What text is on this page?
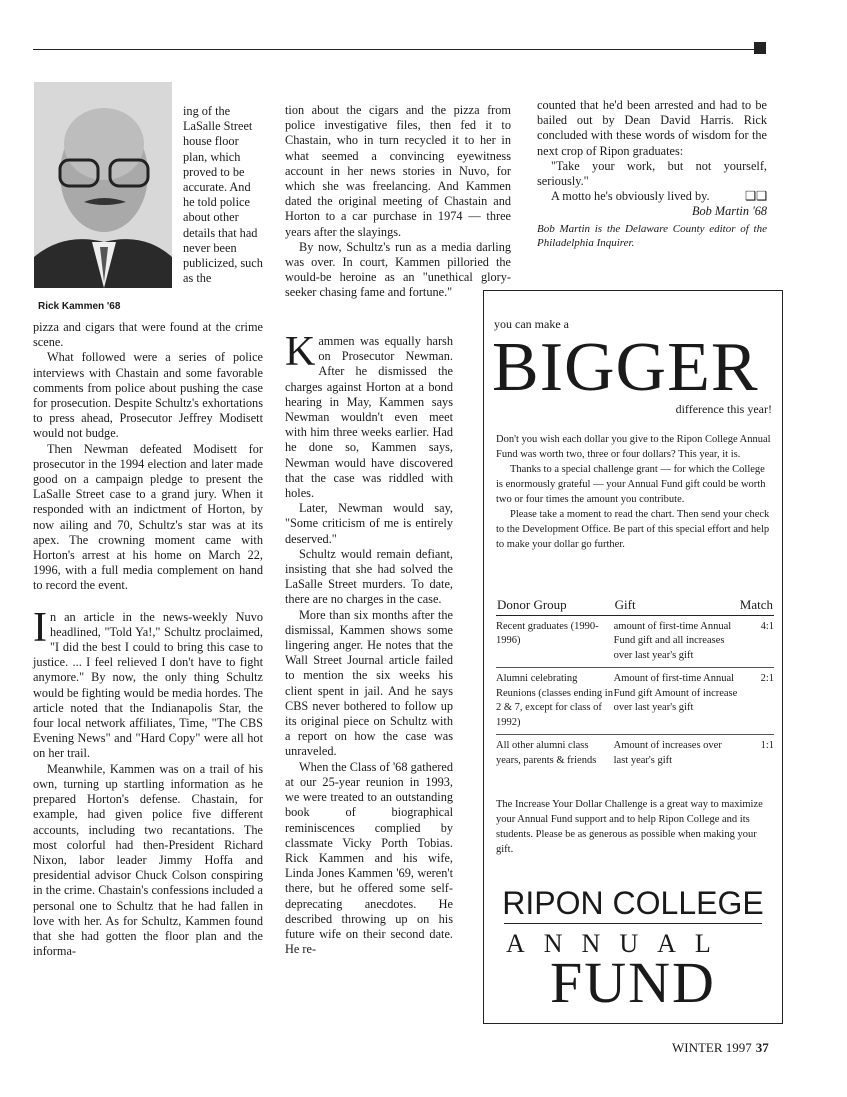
Rick Kammen '68
ing of the LaSalle Street house floor plan, which proved to be accurate. And he told police about other details that had never been publicized, such as the

pizza and cigars that were found at the crime scene.

What followed were a series of police interviews with Chastain and some favorable comments from police about pushing the case for prosecution. Despite Schultz's exhortations to press ahead, Prosecutor Jeffrey Modisett would not budge.

Then Newman defeated Modisett for prosecutor in the 1994 election and later made good on a campaign pledge to present the LaSalle Street case to a grand jury. When it responded with an indictment of Horton, by now ailing and 70, Schultz's star was at its apex. The crowning moment came with Horton's arrest at his home on March 22, 1996, with a full media complement on hand to record the event.

In an article in the news-weekly Nuvo headlined, "Told Ya!," Schultz proclaimed, "I did the best I could to bring this case to justice. ... I feel relieved I don't have to fight anymore." By now, the only thing Schultz would be fighting would be media hordes. The article noted that the Indianapolis Star, the four local network affiliates, Time, "The CBS Evening News" and "Hard Copy" were all hot on her trail.

Meanwhile, Kammen was on a trail of his own, turning up startling information as he prepared Horton's defense. Chastain, for example, had given police five different accounts, including two recantations. The most colorful had then-President Richard Nixon, labor leader Jimmy Hoffa and presidential advisor Chuck Colson conspiring in the crime. Chastain's confessions included a personal one to Schultz that he had fallen in love with her. As for Schultz, Kammen found that she had gotten the floor plan and the informa-

tion about the cigars and the pizza from police investigative files, then fed it to Chastain, who in turn recycled it to her in what seemed a convincing eyewitness account in her news stories in Nuvo, for which she was freelancing. And Kammen dated the original meeting of Chastain and Horton to a car purchase in 1974 — three years after the slayings.

By now, Schultz's run as a media darling was over. In court, Kammen pilloried the would-be heroine as an "unethical glory-seeker chasing fame and fortune."

Kammen was equally harsh on Prosecutor Newman. After he dismissed the charges against Horton at a bond hearing in May, Kammen says Newman wouldn't even meet with him three weeks earlier. Had he done so, Kammen says, Newman would have discovered that the case was riddled with holes.

Later, Newman would say, "Some criticism of me is entirely deserved."

Schultz would remain defiant, insisting that she had solved the LaSalle Street murders. To date, there are no charges in the case.

More than six months after the dismissal, Kammen shows some lingering anger. He notes that the Wall Street Journal article failed to mention the six weeks his client spent in jail. And he says CBS never bothered to follow up its original piece on Schultz with a report on how the case was unraveled.

When the Class of '68 gathered at our 25-year reunion in 1993, we were treated to an outstanding book of biographical reminiscences complied by classmate Vicky Porth Tobias. Rick Kammen and his wife, Linda Jones Kammen '69, weren't there, but he offered some self-deprecating anecdotes. He described throwing up on his future wife on their second date. He re-

counted that he'd been arrested and had to be bailed out by Dean David Harris. Rick concluded with these words of wisdom for the next crop of Ripon graduates:

"Take your work, but not yourself, seriously."

A motto he's obviously lived by.	❑❑

Bob Martin '68

Bob Martin is the Delaware County editor of the Philadelphia Inquirer.

you can make a
BIGGER
difference this year!

Don't you wish each dollar you give to the Ripon College Annual Fund was worth two, three or four dollars? This year, it is.

Thanks to a special challenge grant — for which the College is enormously grateful — your Annual Fund gift could be worth two or four times the amount you contribute.

Please take a moment to read the chart. Then send your check to the Development Office. Be part of this special effort and help to make your dollar go further.

Donor Group	Gift	Match
Recent graduates (1990-1996)	amount of first-time Annual Fund gift and all increases over last year's gift	4:1
Alumni celebrating Reunions (classes ending in 2 & 7, except for class of 1992)	Amount of first-time Annual Fund gift Amount of increase over last year's gift	2:1
All other alumni class years, parents & friends	Amount of increases over last year's gift	1:1
The Increase Your Dollar Challenge is a great way to maximize your Annual Fund support and to help Ripon College and its students. Please be as generous as possible when making your gift.
RIPON COLLEGE
ANNUAL
FUND
WINTER 1997 37
